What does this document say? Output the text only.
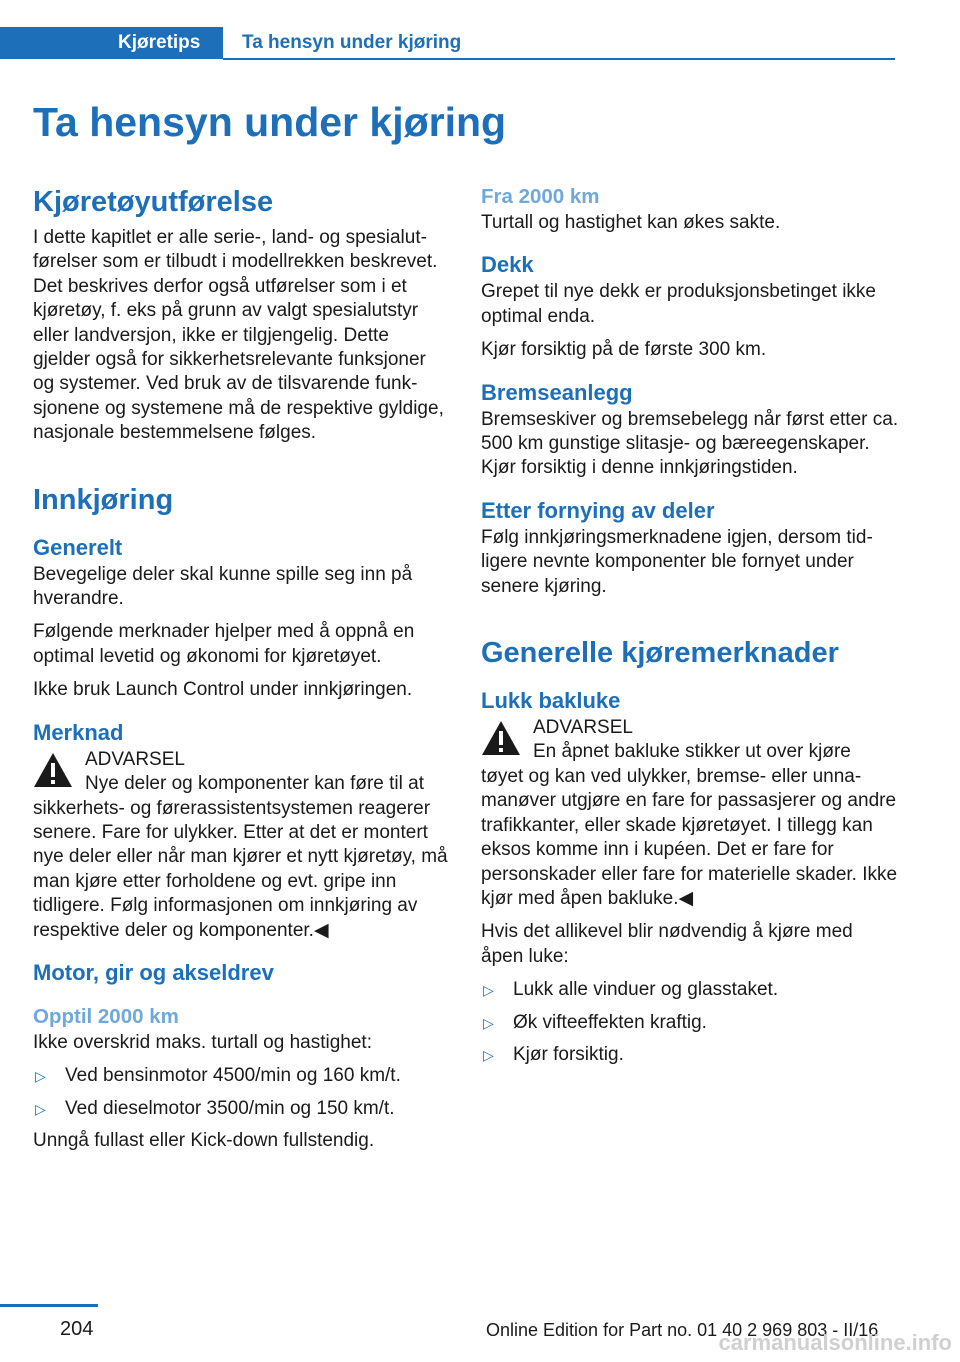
Kjøretips	Ta hensyn under kjøring
Ta hensyn under kjøring
Kjøretøyutførelse

I dette kapitlet er alle serie-, land- og spesialutførelser som er tilbudt i modellrekken beskrevet. Det beskrives derfor også utførelser som i et kjøretøy, f. eks på grunn av valgt spesialutstyr eller landversjon, ikke er tilgjengelig. Dette gjelder også for sikkerhetsrelevante funksjoner og systemer. Ved bruk av de tilsvarende funksjonene og systemene må de respektive gyldige, nasjonale bestemmelsene følges.

Innkjøring
Generelt

Bevegelige deler skal kunne spille seg inn på hverandre.

Følgende merknader hjelper med å oppnå en optimal levetid og økonomi for kjøretøyet.

Ikke bruk Launch Control under innkjøringen.

Merknad

ADVARSEL

Nye deler og komponenter kan føre til at

sikkerhets- og førerassistentsystemen reagerer senere. Fare for ulykker. Etter at det er montert nye deler eller når man kjører et nytt kjøretøy, må man kjøre etter forholdene og evt. gripe inn tidligere. Følg informasjonen om innkjøring av respektive deler og komponenter.◀

Motor, gir og akseldrev
Opptil 2000 km

Ikke overskrid maks. turtall og hastighet:

▷ Ved bensinmotor 4500/min og 160 km/t.
▷ Ved dieselmotor 3500/min og 150 km/t.

Unngå fullast eller Kick-down fullstendig.

Fra 2000 km

Turtall og hastighet kan økes sakte.

Dekk

Grepet til nye dekk er produksjonsbetinget ikke optimal enda.

Kjør forsiktig på de første 300 km.

Bremseanlegg

Bremseskiver og bremsebelegg når først etter ca. 500 km gunstige slitasje- og bæreegenskaper. Kjør forsiktig i denne innkjøringstiden.

Etter fornying av deler

Følg innkjøringsmerknadene igjen, dersom tidligere nevnte komponenter ble fornyet under senere kjøring.

Generelle kjøremerknader
Lukk bakluke

ADVARSEL

En åpnet bakluke stikker ut over kjøre

tøyet og kan ved ulykker, bremse- eller unnamanøver utgjøre en fare for passasjerer og andre trafikkanter, eller skade kjøretøyet. I tillegg kan eksos komme inn i kupéen. Det er fare for personskader eller fare for materielle skader. Ikke kjør med åpen bakluke.◀

Hvis det allikevel blir nødvendig å kjøre med åpen luke:

▷ Lukk alle vinduer og glasstaket.
▷ Øk vifteeffekten kraftig.
▷ Kjør forsiktig.
204	Online Edition for Part no. 01 40 2 969 803 - II/16
carmanualsonline.info
